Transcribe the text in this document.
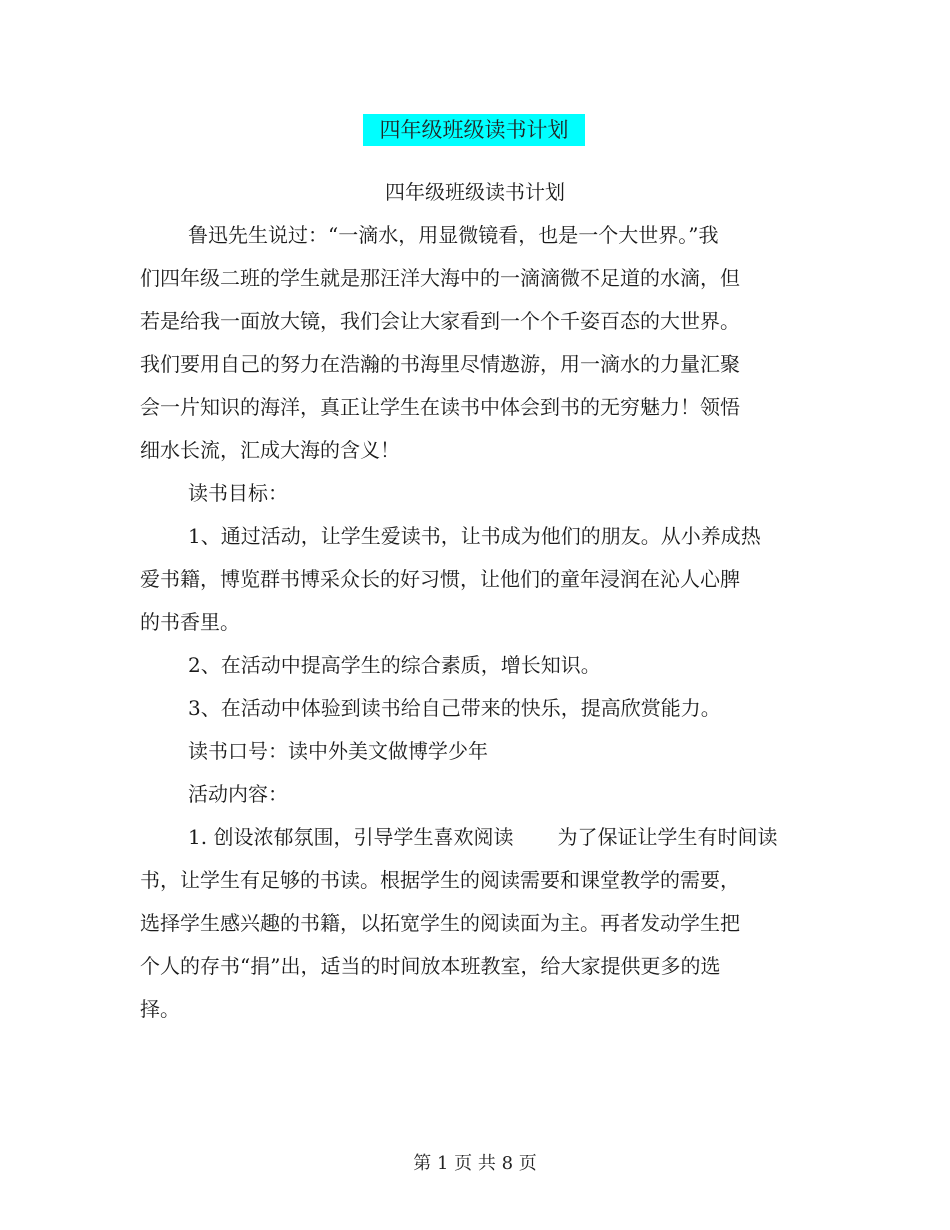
四年级班级读书计划
四年级班级读书计划
鲁迅先生说过：“一滴水，用显微镜看，也是一个大世界。”我
们四年级二班的学生就是那汪洋大海中的一滴滴微不足道的水滴，但
若是给我一面放大镜，我们会让大家看到一个个千姿百态的大世界。
我们要用自己的努力在浩瀚的书海里尽情遨游，用一滴水的力量汇聚
会一片知识的海洋，真正让学生在读书中体会到书的无穷魅力！领悟
细水长流，汇成大海的含义！
读书目标：
1、通过活动，让学生爱读书，让书成为他们的朋友。从小养成热
爱书籍，博览群书博采众长的好习惯，让他们的童年浸润在沁人心脾
的书香里。
2、在活动中提高学生的综合素质，增长知识。
3、在活动中体验到读书给自己带来的快乐，提高欣赏能力。
读书口号：读中外美文做博学少年
活动内容：
1. 创设浓郁氛围，引导学生喜欢阅读 为了保证让学生有时间读
书，让学生有足够的书读。根据学生的阅读需要和课堂教学的需要，
选择学生感兴趣的书籍，以拓宽学生的阅读面为主。再者发动学生把
个人的存书“捐”出，适当的时间放本班教室，给大家提供更多的选
择。
第 1 页 共 8 页
